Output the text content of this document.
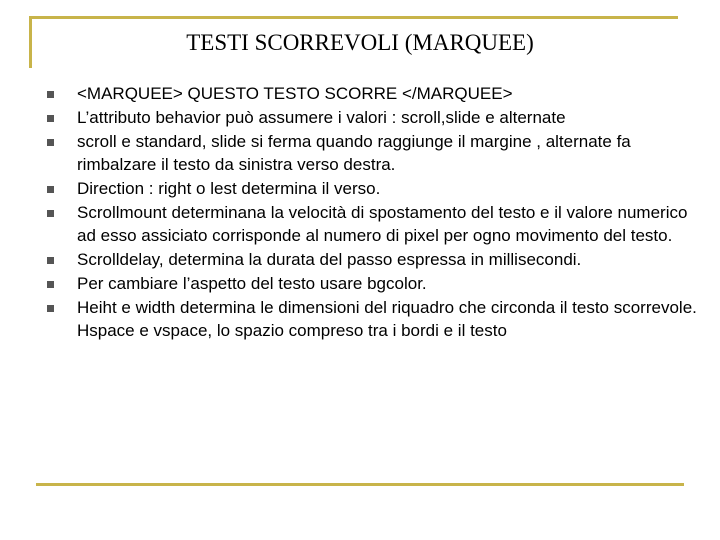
TESTI SCORREVOLI (MARQUEE)
<MARQUEE> QUESTO TESTO SCORRE </MARQUEE>
L’attributo behavior può assumere i valori : scroll,slide e alternate
scroll e standard, slide si ferma quando raggiunge il margine , alternate fa rimbalzare il testo da sinistra verso destra.
Direction : right o lest determina il verso.
Scrollmount determinana la velocità di spostamento del testo e il valore numerico ad esso assiciato corrisponde al numero di pixel per ogno movimento del testo.
Scrolldelay, determina la durata del passo espressa in millisecondi.
Per cambiare l’aspetto del testo usare bgcolor.
Heiht e width determina le dimensioni del riquadro che circonda il testo scorrevole. Hspace e vspace, lo spazio compreso tra i bordi e il testo
